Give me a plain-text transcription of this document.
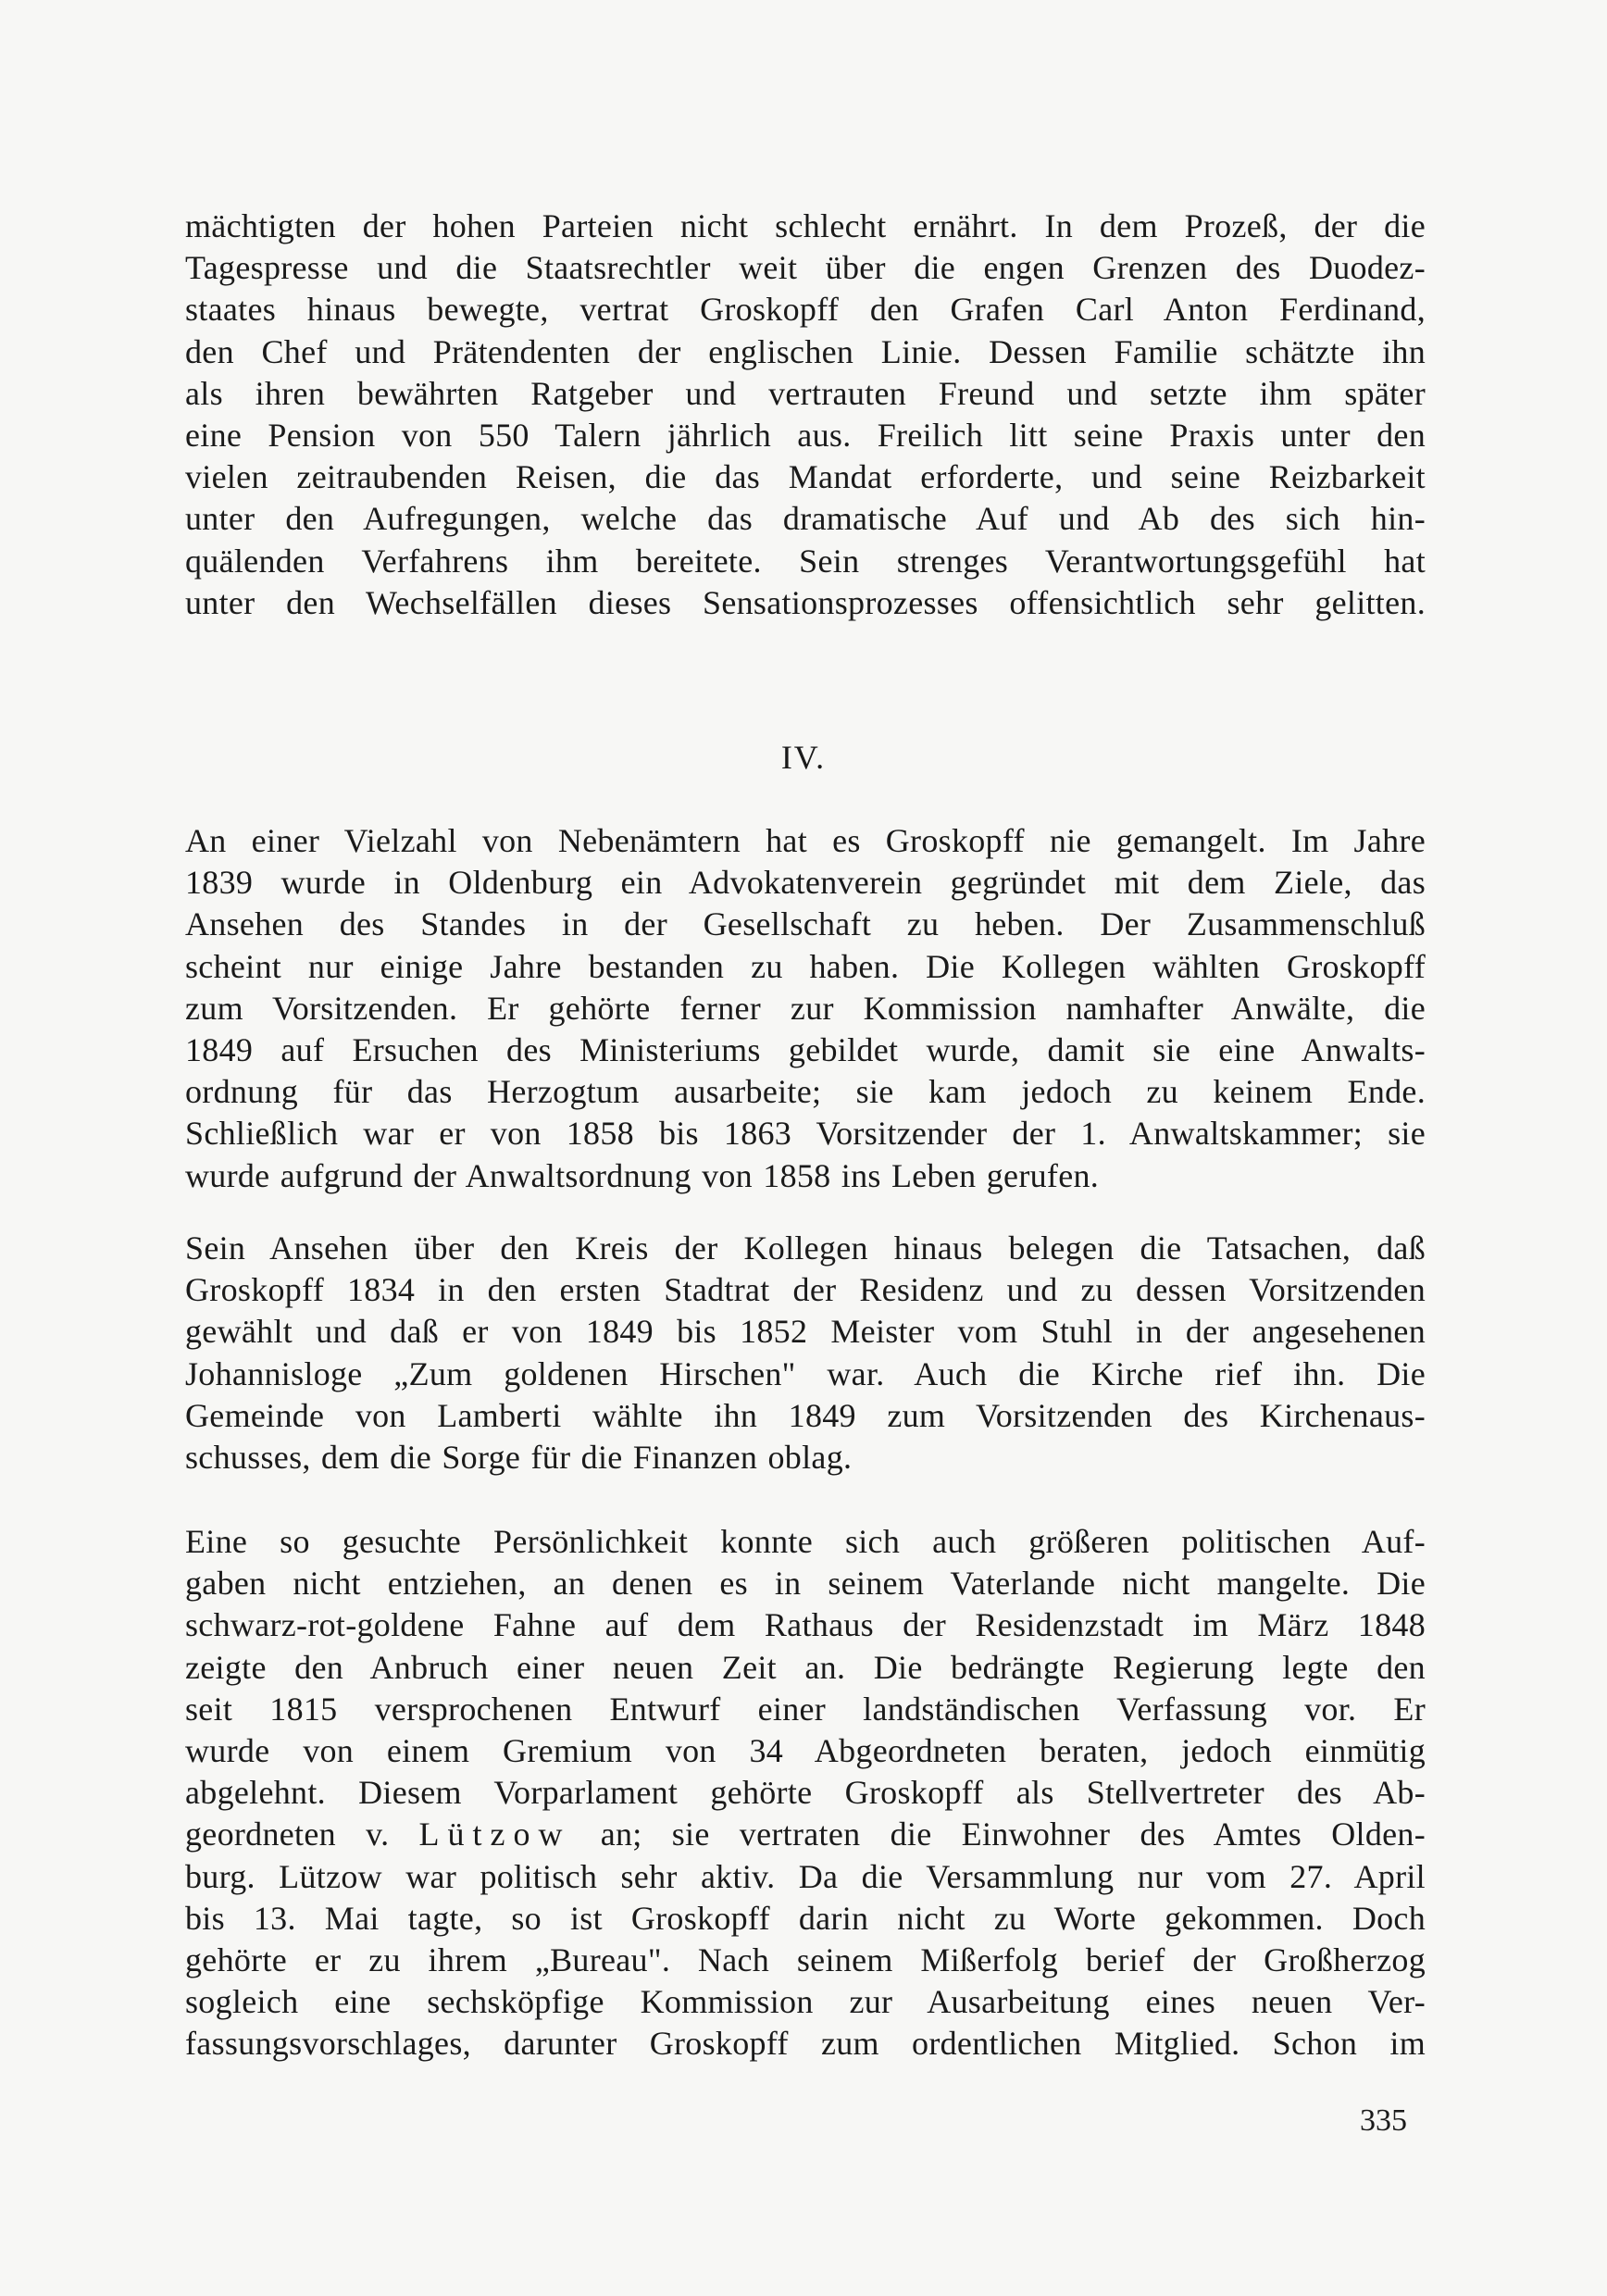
mächtigten der hohen Parteien nicht schlecht ernährt. In dem Prozeß, der die

Tagespresse und die Staatsrechtler weit über die engen Grenzen des Duodez-

staates hinaus bewegte, vertrat Groskopff den Grafen Carl Anton Ferdinand,

den Chef und Prätendenten der englischen Linie. Dessen Familie schätzte ihn

als ihren bewährten Ratgeber und vertrauten Freund und setzte ihm später

eine Pension von 550 Talern jährlich aus. Freilich litt seine Praxis unter den

vielen zeitraubenden Reisen, die das Mandat erforderte, und seine Reizbarkeit

unter den Aufregungen, welche das dramatische Auf und Ab des sich hin-

quälenden Verfahrens ihm bereitete. Sein strenges Verantwortungsgefühl hat

unter den Wechselfällen dieses Sensationsprozesses offensichtlich sehr gelitten.

IV.

An einer Vielzahl von Nebenämtern hat es Groskopff nie gemangelt. Im Jahre

1839 wurde in Oldenburg ein Advokatenverein gegründet mit dem Ziele, das

Ansehen des Standes in der Gesellschaft zu heben. Der Zusammenschluß

scheint nur einige Jahre bestanden zu haben. Die Kollegen wählten Groskopff

zum Vorsitzenden. Er gehörte ferner zur Kommission namhafter Anwälte, die

1849 auf Ersuchen des Ministeriums gebildet wurde, damit sie eine Anwalts-

ordnung für das Herzogtum ausarbeite; sie kam jedoch zu keinem Ende.

Schließlich war er von 1858 bis 1863 Vorsitzender der 1. Anwaltskammer; sie

wurde aufgrund der Anwaltsordnung von 1858 ins Leben gerufen.

Sein Ansehen über den Kreis der Kollegen hinaus belegen die Tatsachen, daß

Groskopff 1834 in den ersten Stadtrat der Residenz und zu dessen Vorsitzenden

gewählt und daß er von 1849 bis 1852 Meister vom Stuhl in der angesehenen

Johannisloge „Zum goldenen Hirschen" war. Auch die Kirche rief ihn. Die

Gemeinde von Lamberti wählte ihn 1849 zum Vorsitzenden des Kirchenaus-

schusses, dem die Sorge für die Finanzen oblag.

Eine so gesuchte Persönlichkeit konnte sich auch größeren politischen Auf-

gaben nicht entziehen, an denen es in seinem Vaterlande nicht mangelte. Die

schwarz-rot-goldene Fahne auf dem Rathaus der Residenzstadt im März 1848

zeigte den Anbruch einer neuen Zeit an. Die bedrängte Regierung legte den

seit 1815 versprochenen Entwurf einer landständischen Verfassung vor. Er

wurde von einem Gremium von 34 Abgeordneten beraten, jedoch einmütig

abgelehnt. Diesem Vorparlament gehörte Groskopff als Stellvertreter des Ab-

geordneten v. Lützow an; sie vertraten die Einwohner des Amtes Olden-

burg. Lützow war politisch sehr aktiv. Da die Versammlung nur vom 27. April

bis 13. Mai tagte, so ist Groskopff darin nicht zu Worte gekommen. Doch

gehörte er zu ihrem „Bureau". Nach seinem Mißerfolg berief der Großherzog

sogleich eine sechsköpfige Kommission zur Ausarbeitung eines neuen Ver-

fassungsvorschlages, darunter Groskopff zum ordentlichen Mitglied. Schon im

335
